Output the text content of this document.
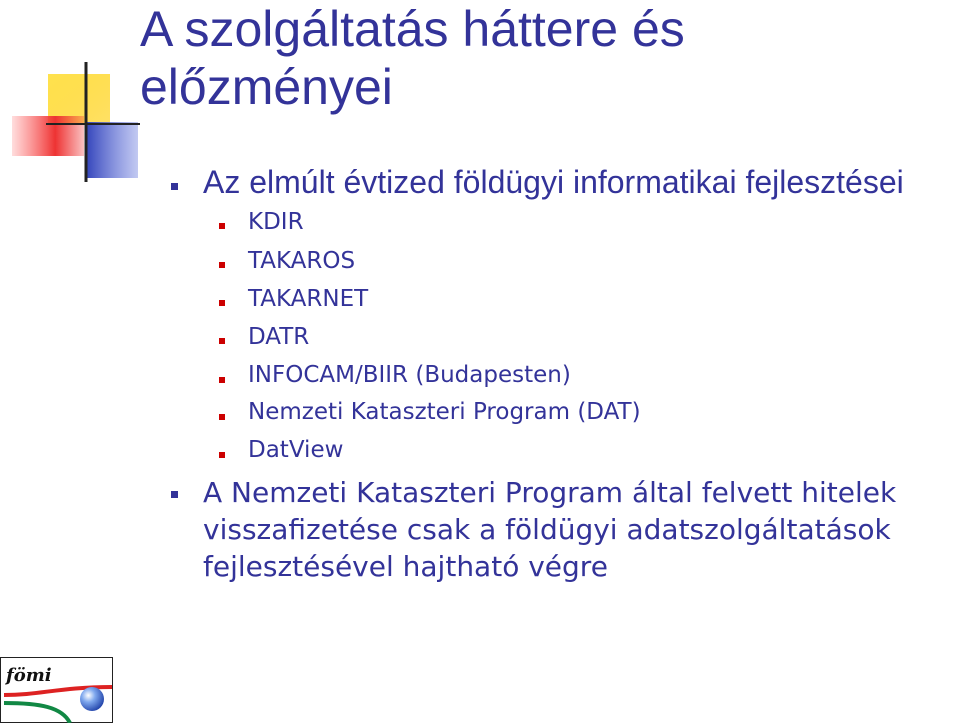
A szolgáltatás háttere és
előzményei
Az elmúlt évtized földügyi informatikai fejlesztései
KDIR
TAKAROS
TAKARNET
DATR
INFOCAM/BIIR (Budapesten)
Nemzeti Kataszteri Program (DAT)
DatView
A Nemzeti Kataszteri Program által felvett hitelek
visszafizetése csak a földügyi adatszolgáltatások
fejlesztésével hajtható végre
fömi
